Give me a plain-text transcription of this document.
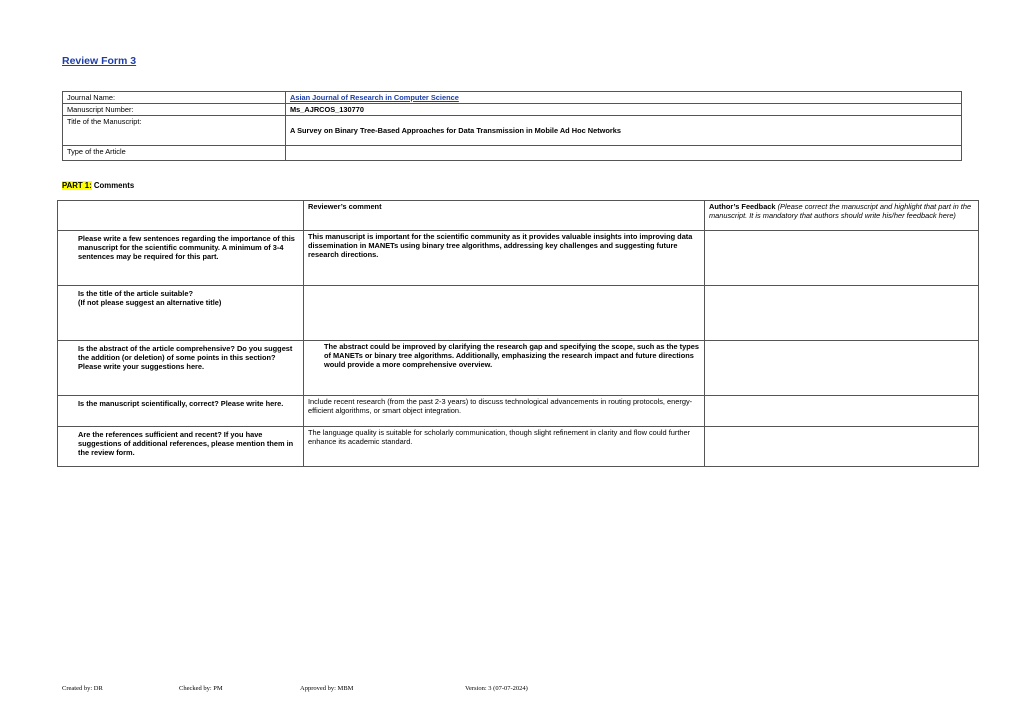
Review Form 3
Journal Name:	Asian Journal of Research in Computer Science
Manuscript Number:	Ms_AJRCOS_130770
Title of the Manuscript:	A Survey on Binary Tree-Based Approaches for Data Transmission in Mobile Ad Hoc Networks
Type of the Article	
PART 1: Comments
	Reviewer’s comment	Author’s Feedback (Please correct the manuscript and highlight that part in the manuscript. It is mandatory that authors should write his/her feedback here)
Please write a few sentences regarding the importance of this manuscript for the scientific community. A minimum of 3-4 sentences may be required for this part.	This manuscript is important for the scientific community as it provides valuable insights into improving data dissemination in MANETs using binary tree algorithms, addressing key challenges and suggesting future research directions.	
Is the title of the article suitable?
(If not please suggest an alternative title)		
Is the abstract of the article comprehensive? Do you suggest the addition (or deletion) of some points in this section? Please write your suggestions here.	The abstract could be improved by clarifying the research gap and specifying the scope, such as the types of MANETs or binary tree algorithms. Additionally, emphasizing the research impact and future directions would provide a more comprehensive overview.	
Is the manuscript scientifically, correct? Please write here.	Include recent research (from the past 2-3 years) to discuss technological advancements in routing protocols, energy-efficient algorithms, or smart object integration.	
Are the references sufficient and recent? If you have suggestions of additional references, please mention them in the review form.	The language quality is suitable for scholarly communication, though slight refinement in clarity and flow could further enhance its academic standard.	
Created by: DR	Checked by: PM	Approved by: MBM	Version: 3 (07-07-2024)
